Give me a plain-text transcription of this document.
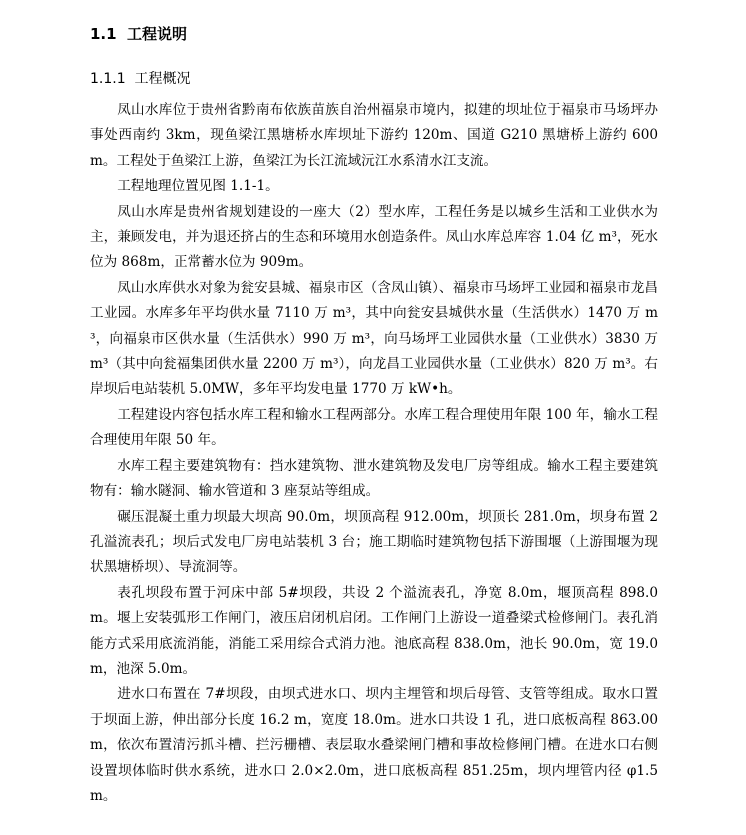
1.1 工程说明
1.1.1 工程概况

凤山水库位于贵州省黔南布依族苗族自治州福泉市境内，拟建的坝址位于福泉市马场坪办事处西南约 3km，现鱼梁江黑塘桥水库坝址下游约 120m、国道 G210 黑塘桥上游约 600m。工程处于鱼梁江上游，鱼梁江为长江流域沅江水系清水江支流。

工程地理位置见图 1.1-1。

凤山水库是贵州省规划建设的一座大（2）型水库，工程任务是以城乡生活和工业供水为主，兼顾发电，并为退还挤占的生态和环境用水创造条件。凤山水库总库容 1.04 亿 m³，死水位为 868m，正常蓄水位为 909m。

凤山水库供水对象为瓮安县城、福泉市区（含凤山镇）、福泉市马场坪工业园和福泉市龙昌工业园。水库多年平均供水量 7110 万 m³，其中向瓮安县城供水量（生活供水）1470 万 m³，向福泉市区供水量（生活供水）990 万 m³，向马场坪工业园供水量（工业供水）3830 万 m³（其中向瓮福集团供水量 2200 万 m³），向龙昌工业园供水量（工业供水）820 万 m³。右岸坝后电站装机 5.0MW，多年平均发电量 1770 万 kW•h。

工程建设内容包括水库工程和输水工程两部分。水库工程合理使用年限 100 年，输水工程合理使用年限 50 年。

水库工程主要建筑物有：挡水建筑物、泄水建筑物及发电厂房等组成。输水工程主要建筑物有：输水隧洞、输水管道和 3 座泵站等组成。

碾压混凝土重力坝最大坝高 90.0m，坝顶高程 912.00m，坝顶长 281.0m，坝身布置 2 孔溢流表孔；坝后式发电厂房电站装机 3 台；施工期临时建筑物包括下游围堰（上游围堰为现状黑塘桥坝）、导流洞等。

表孔坝段布置于河床中部 5#坝段，共设 2 个溢流表孔，净宽 8.0m，堰顶高程 898.0m。堰上安装弧形工作闸门，液压启闭机启闭。工作闸门上游设一道叠梁式检修闸门。表孔消能方式采用底流消能，消能工采用综合式消力池。池底高程 838.0m，池长 90.0m，宽 19.0m，池深 5.0m。

进水口布置在 7#坝段，由坝式进水口、坝内主埋管和坝后母管、支管等组成。取水口置于坝面上游，伸出部分长度 16.2 m，宽度 18.0m。进水口共设 1 孔，进口底板高程 863.00m，依次布置清污抓斗槽、拦污栅槽、表层取水叠梁闸门槽和事故检修闸门槽。在进水口右侧设置坝体临时供水系统，进水口 2.0×2.0m，进口底板高程 851.25m，坝内埋管内径 φ1.5m。
